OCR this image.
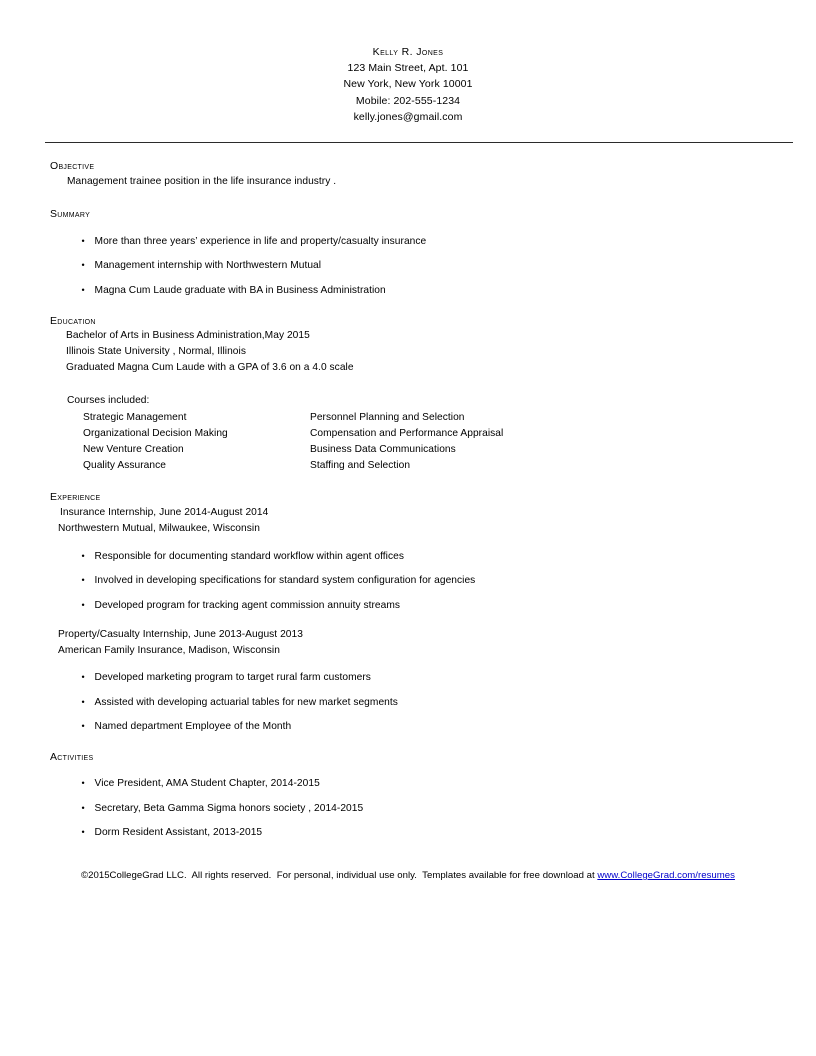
Kelly R. Jones
123 Main Street, Apt. 101
New York, New York 10001
Mobile: 202-555-1234
kelly.jones@gmail.com
Objective
Management trainee position in the life insurance industry .
Summary

• More than three years’ experience in life and property/casualty insurance

• Management internship with Northwestern Mutual

• Magna Cum Laude graduate with BA in Business Administration

Education
Bachelor of Arts in Business Administration,May 2015
Illinois State University , Normal, Illinois
Graduated Magna Cum Laude with a GPA of 3.6 on a 4.0 scale
Courses included:
Strategic Management
Organizational Decision Making
New Venture Creation
Quality Assurance
Personnel Planning and Selection
Compensation and Performance Appraisal
Business Data Communications
Staffing and Selection
Experience
Insurance Internship, June 2014-August 2014
Northwestern Mutual, Milwaukee, Wisconsin

• Responsible for documenting standard workflow within agent offices

• Involved in developing specifications for standard system configuration for agencies

• Developed program for tracking agent commission annuity streams

Property/Casualty Internship, June 2013-August 2013
American Family Insurance, Madison, Wisconsin

• Developed marketing program to target rural farm customers

• Assisted with developing actuarial tables for new market segments

• Named department Employee of the Month

Activities

• Vice President, AMA Student Chapter, 2014-2015

• Secretary, Beta Gamma Sigma honors society , 2014-2015

• Dorm Resident Assistant, 2013-2015

©2015CollegeGrad LLC.  All rights reserved.  For personal, individual use only.  Templates available for free download at www.CollegeGrad.com/resumes
